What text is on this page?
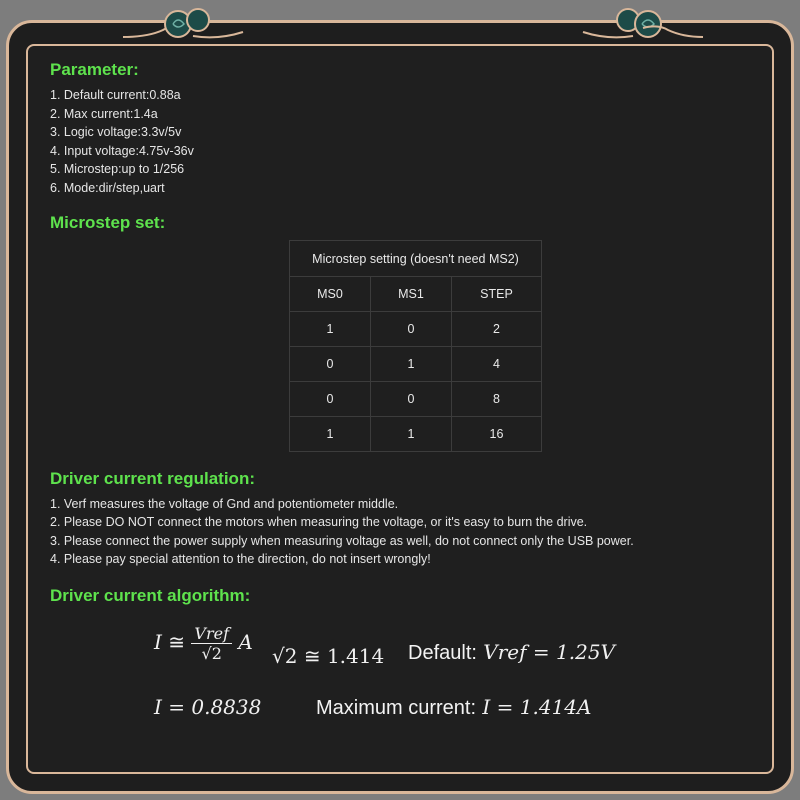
Parameter:
1. Default current:0.88a
2. Max current:1.4a
3. Logic voltage:3.3v/5v
4. Input voltage:4.75v-36v
5. Microstep:up to 1/256
6. Mode:dir/step,uart
Microstep set:
Microstep setting (doesn't need MS2)		
MS0	MS1	STEP
1	0	2
0	1	4
0	0	8
1	1	16
Driver current regulation:
1. Verf measures the voltage of Gnd and potentiometer middle.
2. Please DO NOT connect the motors when measuring the voltage, or it's easy to burn the drive.
3. Please connect the power supply when measuring voltage as well, do not connect only the USB power.
4. Please pay special attention to the direction, do not insert wrongly!
Driver current algorithm:
I ≅ $\frac{\text{Vref}}{√2}$ A
√2 ≅ 1.414 Default: Vref = 1.25V
I = 0.8838	Maximum current: I = 1.414A
